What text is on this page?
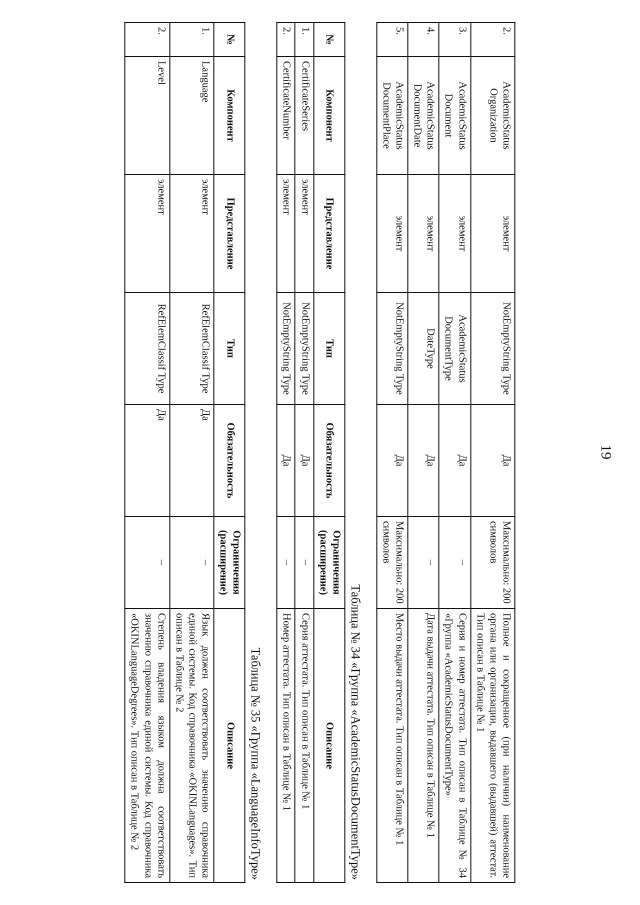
19
2.	AcademicStatus Organization	элемент	NotEmptyString Type	Да	Максимально: 200 символов	Полное и сокращенное (при наличии) наименование органа или организации, выдавшего (выдавшей) аттестат. Тип описан в Таблице № 1
3.	AcademicStatus Document	элемент	AcademicStatus DocumentType	Да	–	Серия и номер аттестата. Тип описан в Таблице № 34 «Группа «AcademicStatusDocumentType»
4.	AcademicStatus DocumentDate	элемент	DateType	Да	–	Дата выдачи аттестата. Тип описан в Таблице № 1
5.	AcademicStatus DocumentPlace	элемент	NotEmptyString Type	Да	Максимально: 200 символов	Место выдачи аттестата. Тип описан в Таблице № 1
Таблица № 34 «Группа «AcademicStatusDocumentType»
№	Компонент	Представление	Тип	Обязательность	Ограничения (расширение)	Описание
1.	CertificateSeries	элемент	NotEmptyString Type	Да	–	Серия аттестата. Тип описан в Таблице № 1
2.	CertificateNumber	элемент	NotEmptyString Type	Да	–	Номер аттестата. Тип описан в Таблице № 1
Таблица № 35 «Группа «LanguageInfoType»
№	Компонент	Представление	Тип	Обязательность	Ограничения (расширение)	Описание
1.	Language	элемент	RefElemClassif Type	Да	–	Язык должен соответствовать значению справочника единой системы. Код справочника «OKINLanguages». Тип описан в Таблице № 2
2.	Level	элемент	RefElemClassif Type	Да	–	Степень владения языком должна соответствовать значению справочника единой системы. Код справочника «OKINLanguageDegrees». Тип описан в Таблице № 2
